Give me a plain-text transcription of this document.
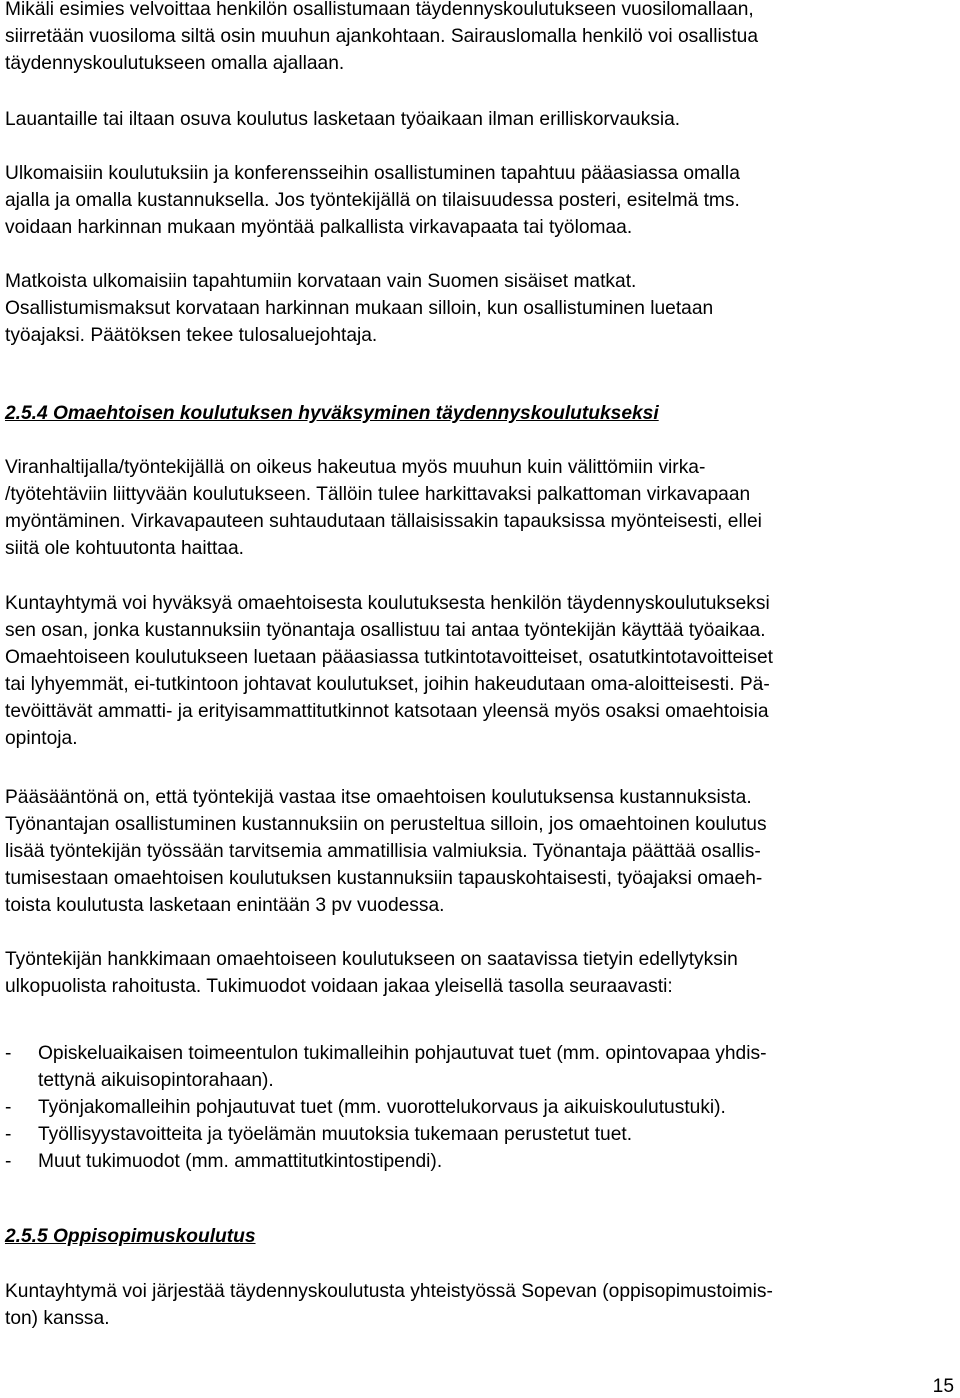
Mikäli esimies velvoittaa henkilön osallistumaan täydennyskoulutukseen vuosilomallaan,
siirretään vuosiloma siltä osin muuhun ajankohtaan. Sairauslomalla henkilö voi osallistua
täydennyskoulutukseen omalla ajallaan.
Lauantaille tai iltaan osuva koulutus lasketaan työaikaan ilman erilliskorvauksia.
Ulkomaisiin koulutuksiin ja konferensseihin osallistuminen tapahtuu pääasiassa omalla
ajalla ja omalla kustannuksella. Jos työntekijällä on tilaisuudessa posteri, esitelmä tms.
voidaan harkinnan mukaan myöntää palkallista virkavapaata tai työlomaa.
Matkoista ulkomaisiin tapahtumiin korvataan vain Suomen sisäiset matkat.
Osallistumismaksut korvataan harkinnan mukaan silloin, kun osallistuminen luetaan
työajaksi. Päätöksen tekee tulosaluejohtaja.
2.5.4 Omaehtoisen koulutuksen hyväksyminen täydennyskoulutukseksi
Viranhaltijalla/työntekijällä on oikeus hakeutua myös muuhun kuin välittömiin virka-
/työtehtäviin liittyvään koulutukseen. Tällöin tulee harkittavaksi palkattoman virkavapaan
myöntäminen. Virkavapauteen suhtaudutaan tällaisissakin tapauksissa myönteisesti, ellei
siitä ole kohtuutonta haittaa.
Kuntayhtymä voi hyväksyä omaehtoisesta koulutuksesta henkilön täydennyskoulutukseksi
sen osan, jonka kustannuksiin työnantaja osallistuu tai antaa työntekijän käyttää työaikaa.
Omaehtoiseen koulutukseen luetaan pääasiassa tutkintotavoitteiset, osatutkintotavoitteiset
tai lyhyemmät, ei-tutkintoon johtavat koulutukset, joihin hakeudutaan oma-aloitteisesti. Pä-
tevöittävät ammatti- ja erityisammattitutkinnot katsotaan yleensä myös osaksi omaehtoisia
opintoja.
Pääsääntönä on, että työntekijä vastaa itse omaehtoisen koulutuksensa kustannuksista.
Työnantajan osallistuminen kustannuksiin on perusteltua silloin, jos omaehtoinen koulutus
lisää työntekijän työssään tarvitsemia ammatillisia valmiuksia. Työnantaja päättää osallis-
tumisestaan omaehtoisen koulutuksen kustannuksiin tapauskohtaisesti, työajaksi omaeh-
toista koulutusta lasketaan enintään 3 pv vuodessa.
Työntekijän hankkimaan omaehtoiseen koulutukseen on saatavissa tietyin edellytyksin
ulkopuolista rahoitusta. Tukimuodot voidaan jakaa yleisellä tasolla seuraavasti:
- Opiskeluaikaisen toimeentulon tukimalleihin pohjautuvat tuet (mm. opintovapaa yhdis-
tettynä aikuisopintorahaan).
- Työnjakomalleihin pohjautuvat tuet (mm. vuorottelukorvaus ja aikuiskoulutustuki).
- Työllisyystavoitteita ja työelämän muutoksia tukemaan perustetut tuet.
- Muut tukimuodot (mm. ammattitutkintostipendi).
2.5.5 Oppisopimuskoulutus
Kuntayhtymä voi järjestää täydennyskoulutusta yhteistyössä Sopevan (oppisopimustoimis-
ton) kanssa.
15
